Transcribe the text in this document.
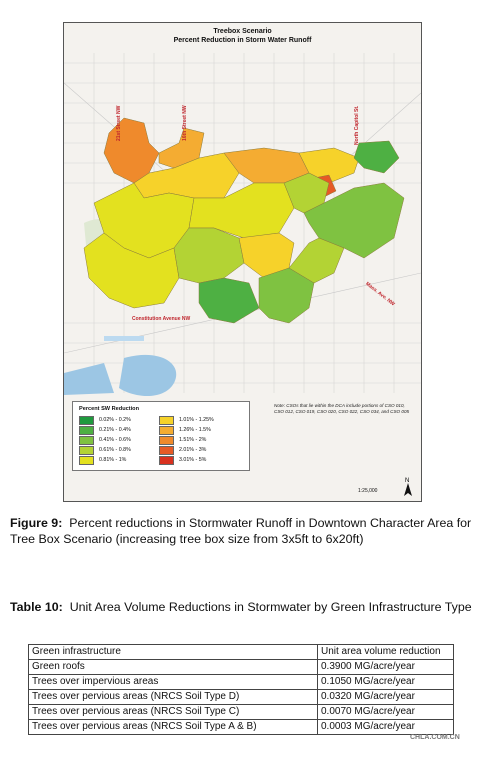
Treebox Scenario
Percent Reduction in Storm Water Runoff
21st Street NW	16th Street NW	North Capitol St.
Mass. Ave. NW
Constitution Avenue NW
Percent SW Reduction
0.02% - 0.2%
0.21% - 0.4%
0.41% - 0.6%
0.61% - 0.8%
0.81% - 1%
1.01% - 1.25%
1.26% - 1.5%
1.51% - 2%
2.01% - 3%
3.01% - 5%
Note: CSOs that lie within the DCA include portions of CSO 010, CSO 012, CSO 019, CSO 020, CSO 022, CSO 034, and CSO 005
1:25,000
N
Figure 9: Percent reductions in Stormwater Runoff in Downtown Character Area for Tree Box Scenario (increasing tree box size from 3x5ft to 6x20ft)
Table 10: Unit Area Volume Reductions in Stormwater by Green Infrastructure Type
Green infrastructure	Unit area volume reduction
Green roofs	0.3900 MG/acre/year
Trees over impervious areas	0.1050 MG/acre/year
Trees over pervious areas (NRCS Soil Type D)	0.0320 MG/acre/year
Trees over pervious areas (NRCS Soil Type C)	0.0070 MG/acre/year
Trees over pervious areas (NRCS Soil Type A & B)	0.0003 MG/acre/year
CHLA.COM.CN
